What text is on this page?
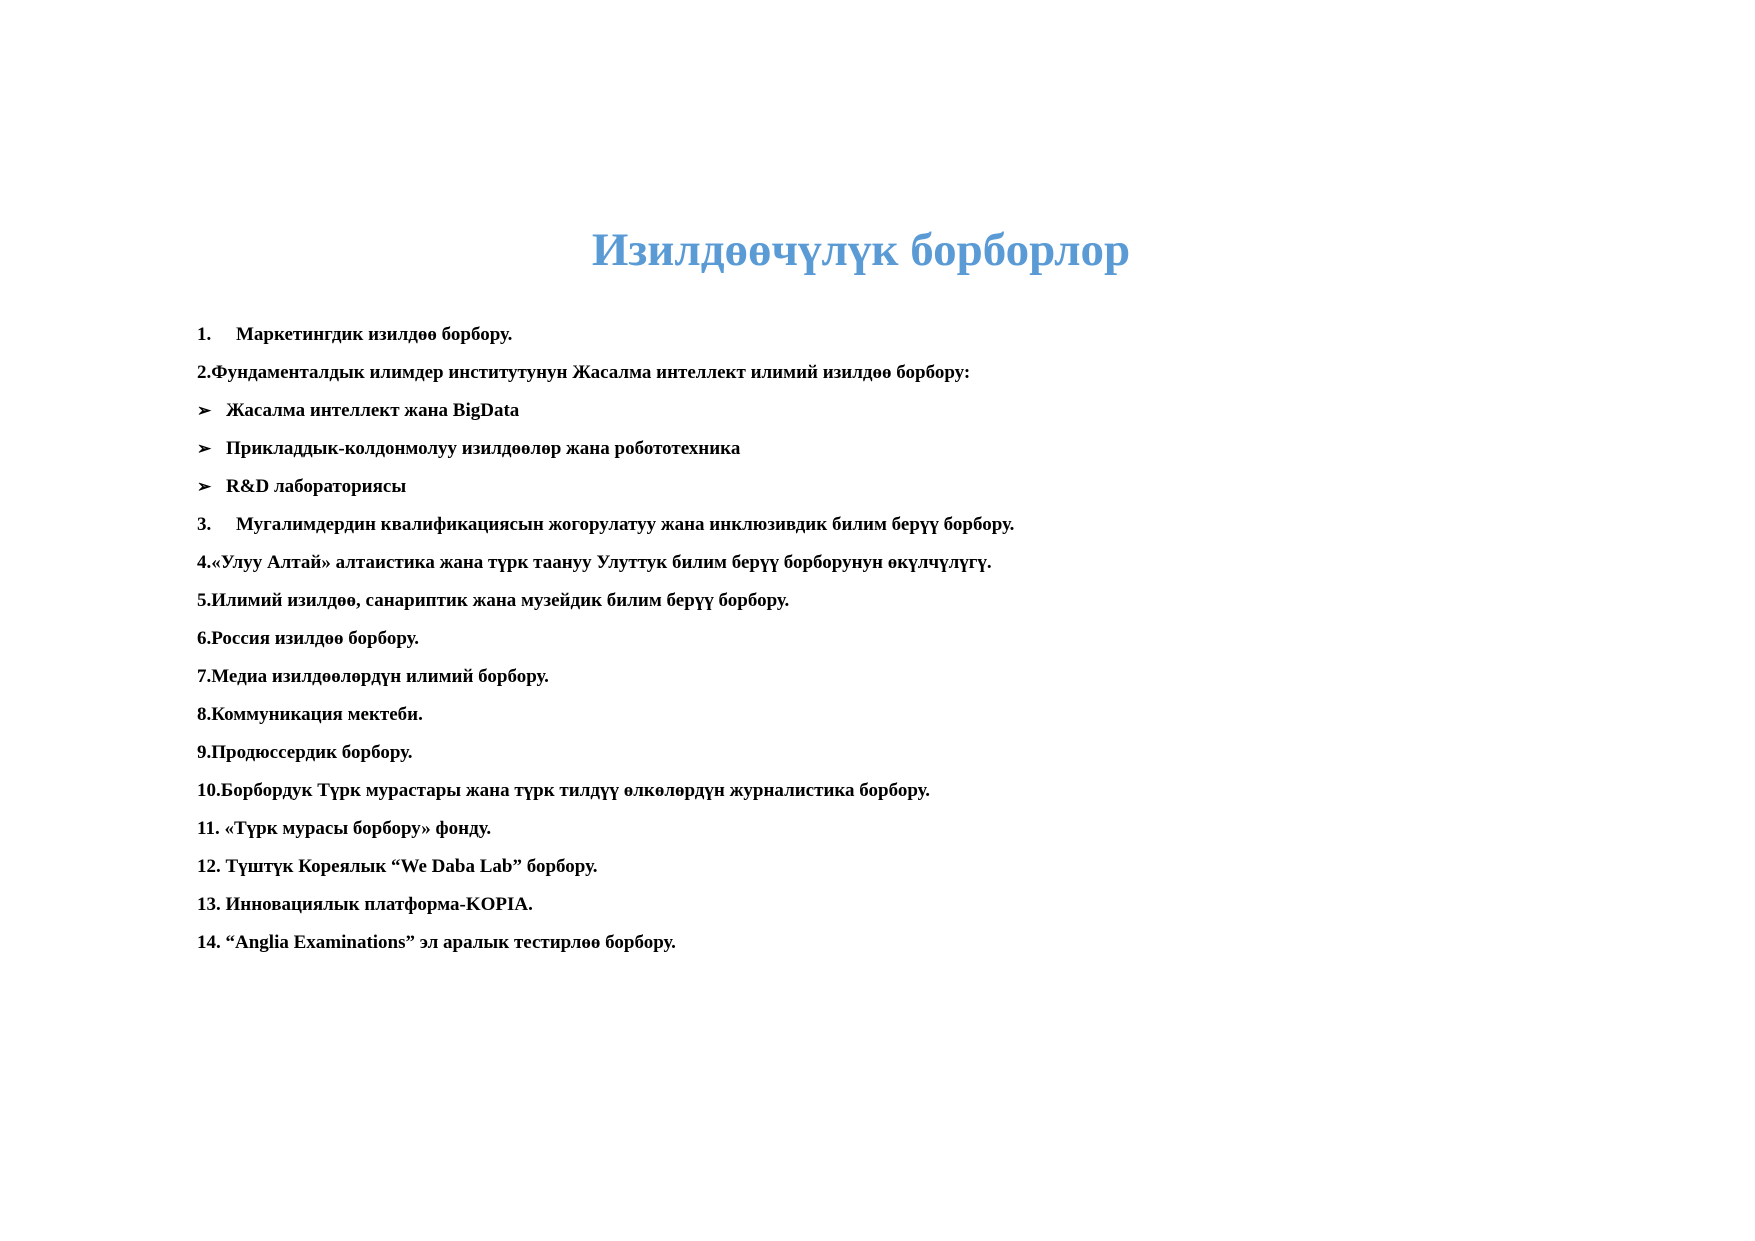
Изилдөөчүлүк борборлор
1.	Маркетингдик изилдөө борбору.
2.Фундаменталдык илимдер институтунун Жасалма интеллект илимий изилдөө борбору:
➢ Жасалма интеллект жана BigData
➢ Прикладдык-колдонмолуу изилдөөлөр жана робототехника
➢ R&D лабораториясы
3.	Мугалимдердин квалификациясын жогорулатуу жана инклюзивдик билим берүү борбору.
4.«Улуу Алтай» алтаистика жана түрк таануу Улуттук билим берүү борборунун өкүлчүлүгү.
5.Илимий изилдөө, санариптик жана музейдик билим берүү борбору.
6.Россия изилдөө борбору.
7.Медиа изилдөөлөрдүн илимий борбору.
8.Коммуникация мектеби.
9.Продюссердик борбору.
10.Борбордук Түрк мурастары жана түрк тилдүү өлкөлөрдүн журналистика борбору.
11. «Түрк мурасы борбору» фонду.
12. Түштүк Кореялык “We Daba Lab” борбору.
13. Инновациялык платформа-KOPIA.
14. “Anglia Examinations” эл аралык тестирлөө борбору.
